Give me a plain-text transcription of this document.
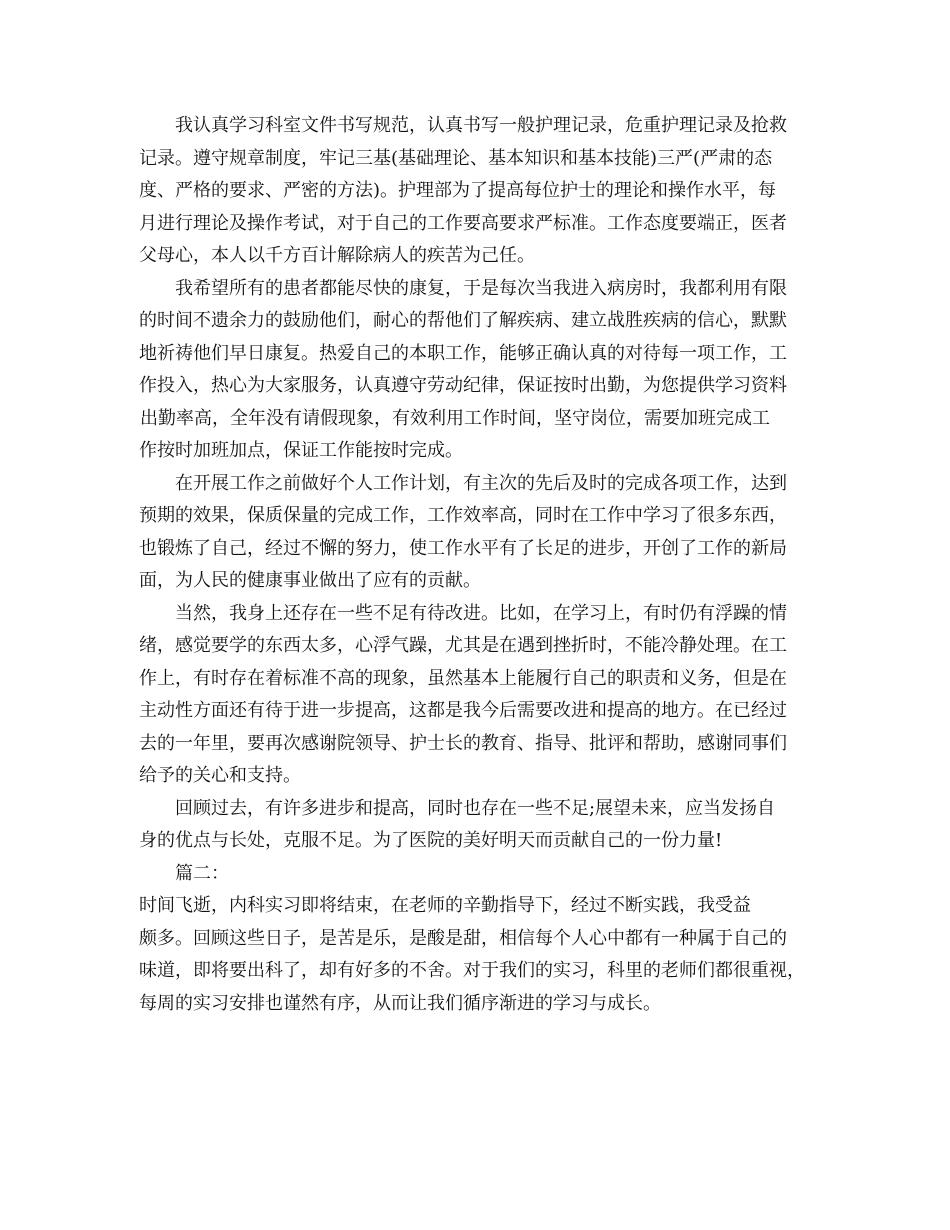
我认真学习科室文件书写规范，认真书写一般护理记录，危重护理记录及抢救
记录。遵守规章制度，牢记三基(基础理论、基本知识和基本技能)三严(严肃的态
度、严格的要求、严密的方法)。护理部为了提高每位护士的理论和操作水平，每
月进行理论及操作考试，对于自己的工作要高要求严标准。工作态度要端正，医者
父母心，本人以千方百计解除病人的疾苦为己任。
我希望所有的患者都能尽快的康复，于是每次当我进入病房时，我都利用有限
的时间不遗余力的鼓励他们，耐心的帮他们了解疾病、建立战胜疾病的信心，默默
地祈祷他们早日康复。热爱自己的本职工作，能够正确认真的对待每一项工作，工
作投入，热心为大家服务，认真遵守劳动纪律，保证按时出勤，为您提供学习资料
出勤率高，全年没有请假现象，有效利用工作时间，坚守岗位，需要加班完成工
作按时加班加点，保证工作能按时完成。
在开展工作之前做好个人工作计划，有主次的先后及时的完成各项工作，达到
预期的效果，保质保量的完成工作，工作效率高，同时在工作中学习了很多东西，
也锻炼了自己，经过不懈的努力，使工作水平有了长足的进步，开创了工作的新局
面，为人民的健康事业做出了应有的贡献。
当然，我身上还存在一些不足有待改进。比如，在学习上，有时仍有浮躁的情
绪，感觉要学的东西太多，心浮气躁，尤其是在遇到挫折时，不能冷静处理。在工
作上，有时存在着标准不高的现象，虽然基本上能履行自己的职责和义务，但是在
主动性方面还有待于进一步提高，这都是我今后需要改进和提高的地方。在已经过
去的一年里，要再次感谢院领导、护士长的教育、指导、批评和帮助，感谢同事们
给予的关心和支持。
回顾过去，有许多进步和提高，同时也存在一些不足;展望未来，应当发扬自
身的优点与长处，克服不足。为了医院的美好明天而贡献自己的一份力量!
篇二：
时间飞逝，内科实习即将结束，在老师的辛勤指导下，经过不断实践，我受益
颇多。回顾这些日子，是苦是乐，是酸是甜，相信每个人心中都有一种属于自己的
味道，即将要出科了，却有好多的不舍。对于我们的实习，科里的老师们都很重视，
每周的实习安排也谨然有序，从而让我们循序渐进的学习与成长。
